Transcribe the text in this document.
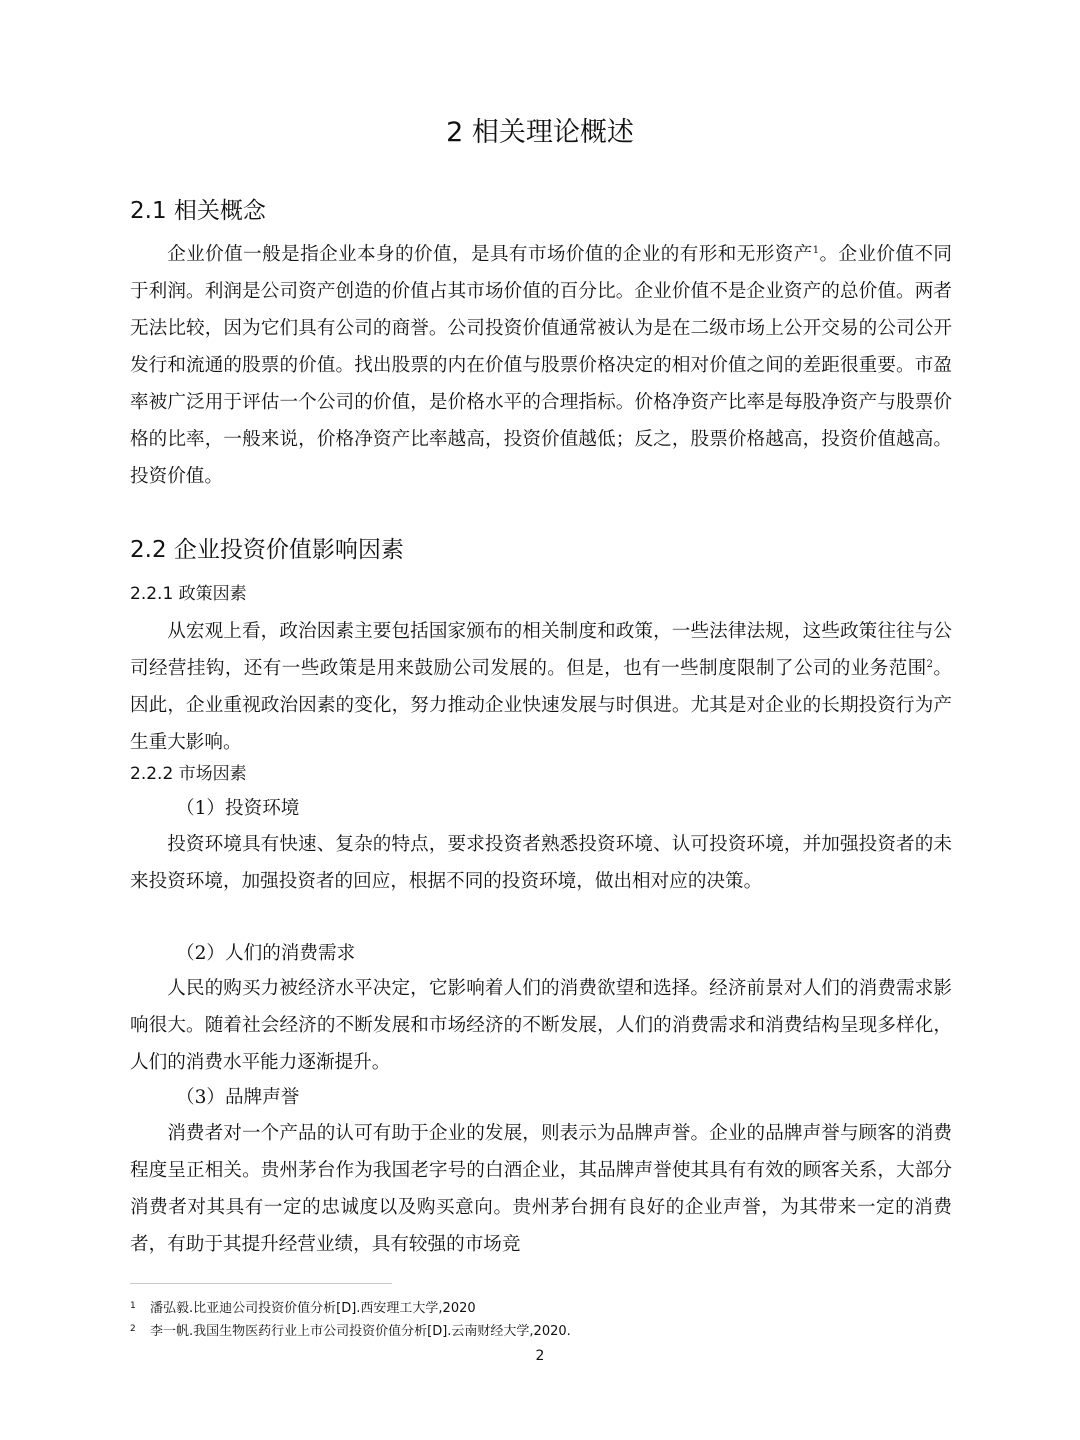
2 相关理论概述
2.1 相关概念

企业价值一般是指企业本身的价值，是具有市场价值的企业的有形和无形资产$^1$。企业价值不同于利润。利润是公司资产创造的价值占其市场价值的百分比。企业价值不是企业资产的总价值。两者无法比较，因为它们具有公司的商誉。公司投资价值通常被认为是在二级市场上公开交易的公司公开发行和流通的股票的价值。找出股票的内在价值与股票价格决定的相对价值之间的差距很重要。市盈率被广泛用于评估一个公司的价值，是价格水平的合理指标。价格净资产比率是每股净资产与股票价格的比率，一般来说，价格净资产比率越高，投资价值越低；反之，股票价格越高，投资价值越高。投资价值。

2.2 企业投资价值影响因素
2.2.1 政策因素

从宏观上看，政治因素主要包括国家颁布的相关制度和政策，一些法律法规，这些政策往往与公司经营挂钩，还有一些政策是用来鼓励公司发展的。但是，也有一些制度限制了公司的业务范围$^2$。因此，企业重视政治因素的变化，努力推动企业快速发展与时俱进。尤其是对企业的长期投资行为产生重大影响。

2.2.2 市场因素

（1）投资环境

投资环境具有快速、复杂的特点，要求投资者熟悉投资环境、认可投资环境，并加强投资者的未来投资环境，加强投资者的回应，根据不同的投资环境，做出相对应的决策。

（2）人们的消费需求

人民的购买力被经济水平决定，它影响着人们的消费欲望和选择。经济前景对人们的消费需求影响很大。随着社会经济的不断发展和市场经济的不断发展，人们的消费需求和消费结构呈现多样化，人们的消费水平能力逐渐提升。

（3）品牌声誉

消费者对一个产品的认可有助于企业的发展，则表示为品牌声誉。企业的品牌声誉与顾客的消费程度呈正相关。贵州茅台作为我国老字号的白酒企业，其品牌声誉使其具有有效的顾客关系，大部分消费者对其具有一定的忠诚度以及购买意向。贵州茅台拥有良好的企业声誉，为其带来一定的消费者，有助于其提升经营业绩，具有较强的市场竞

1 潘弘毅.比亚迪公司投资价值分析[D].西安理工大学,2020

2 李一帆.我国生物医药行业上市公司投资价值分析[D].云南财经大学,2020.

2
